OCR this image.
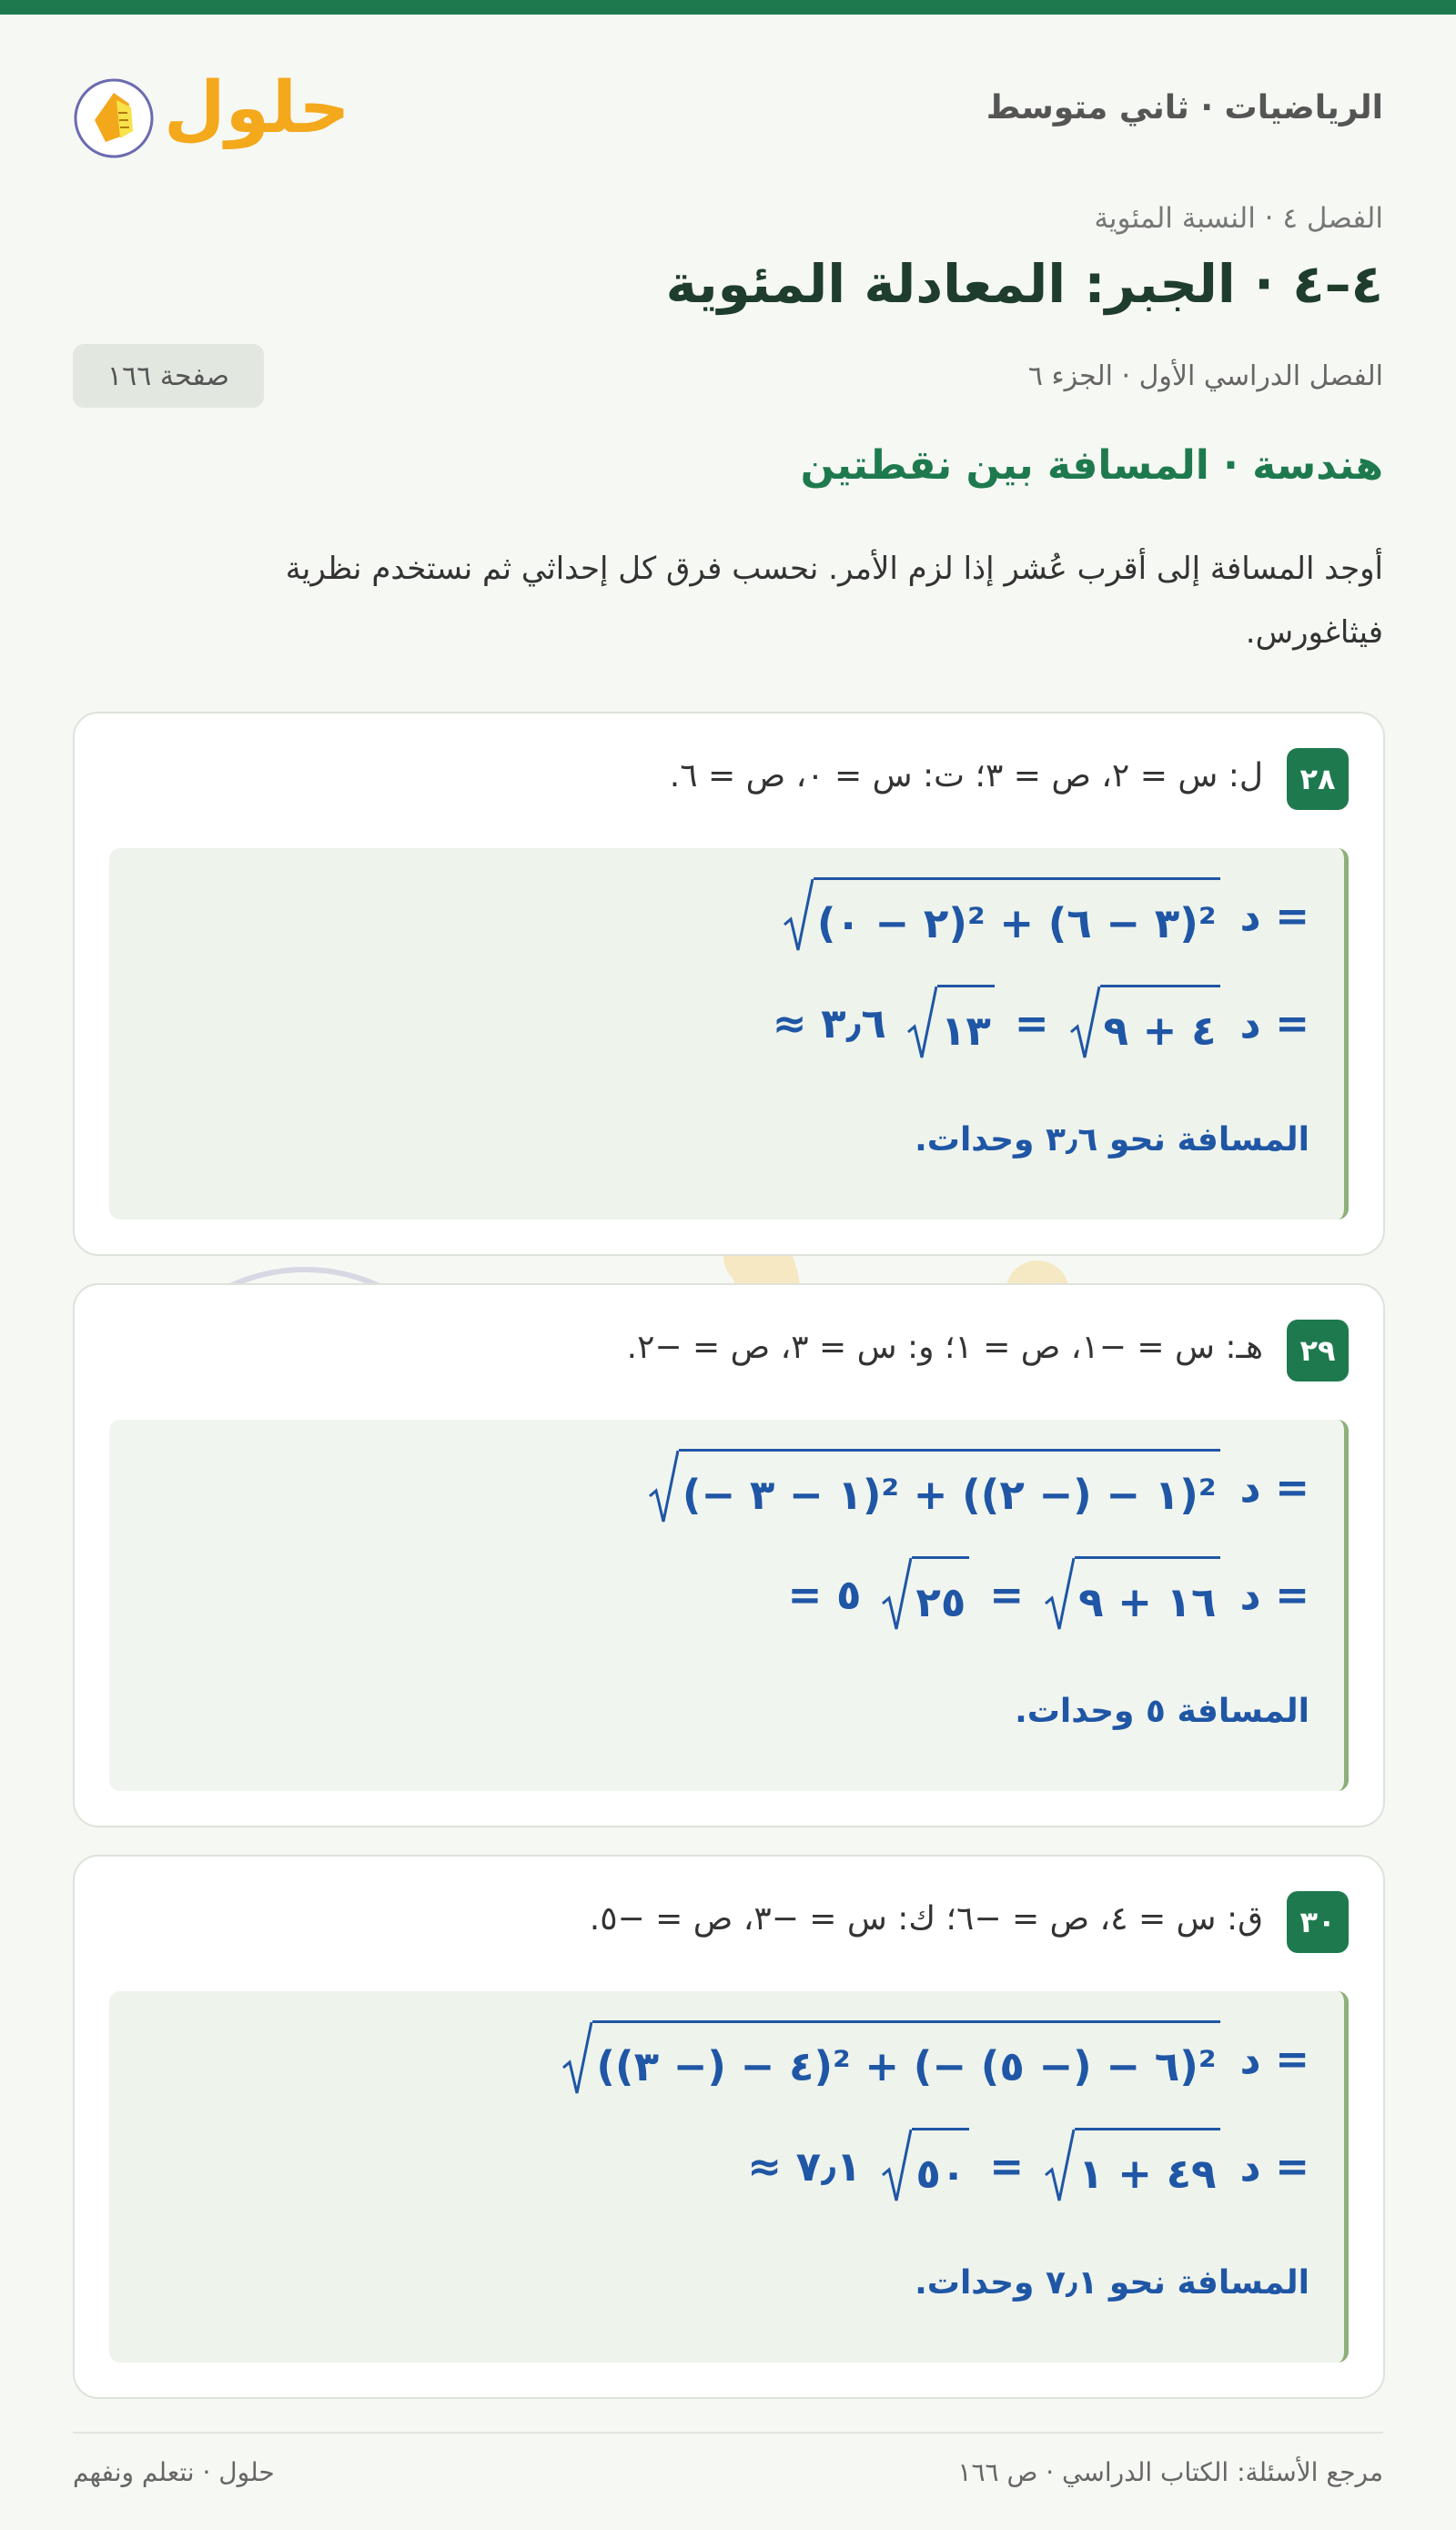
حلول	الرياضيات · ثاني متوسط
الفصل ٤ · النسبة المئوية
٤–٤ · الجبر: المعادلة المئوية
الفصل الدراسي الأول · الجزء ٦
صفحة ١٦٦
هندسة · المسافة بين نقطتين
أوجد المسافة إلى أقرب عُشر إذا لزم الأمر. نحسب فرق كل إحداثي ثم نستخدم نظرية فيثاغورس.
٢٨
ل: س = ٢، ص = ٣؛ ت: س = ٠، ص = ٦.
(٢ − ٠)² + (٣ − ٦)² د =
≈ ٣٫٦ ١٣ = ٤ + ٩ د =
المسافة نحو ٣٫٦ وحدات.
٢٩
هـ: س = −١، ص = ١؛ و: س = ٣، ص = −٢.
(− ١ − ٣)² + (١ − (− ٢))² د =
= ٥ ٢٥ = ١٦ + ٩ د =
المسافة ٥ وحدات.
٣٠
ق: س = ٤، ص = −٦؛ ك: س = −٣، ص = −٥.
(٤ − (− ٣))² + (− ٦ − (− ٥))² د =
≈ ٧٫١ ٥٠ = ٤٩ + ١ د =
المسافة نحو ٧٫١ وحدات.
مرجع الأسئلة: الكتاب الدراسي · ص ١٦٦
حلول · نتعلم ونفهم
